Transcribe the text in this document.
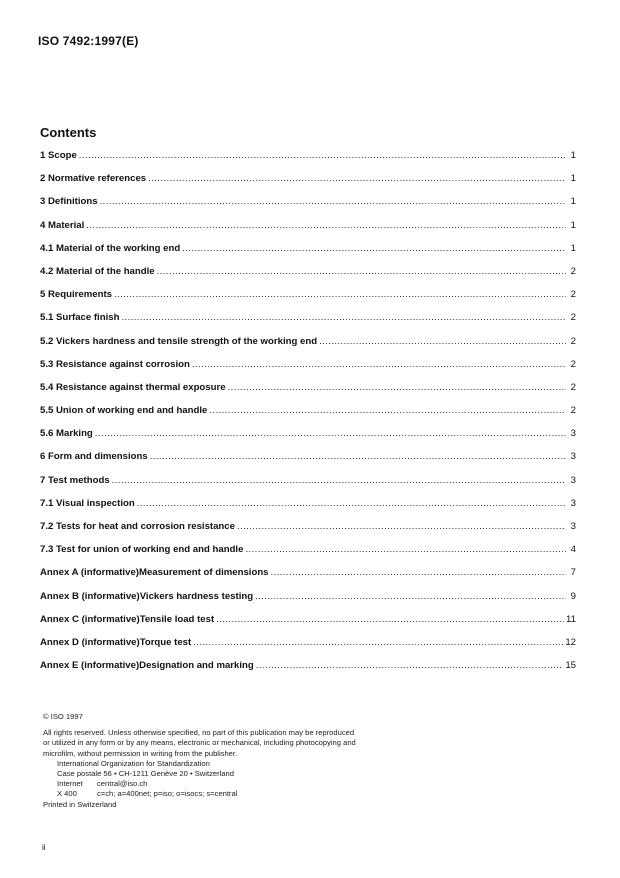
ISO 7492:1997(E)
Contents
1 Scope .....	1
2 Normative references .....	1
3 Definitions .....	1
4 Material .....	1
4.1 Material of the working end .....	1
4.2 Material of the handle .....	2
5 Requirements .....	2
5.1 Surface finish .....	2
5.2 Vickers hardness and tensile strength of the working end .....	2
5.3 Resistance against corrosion .....	2
5.4 Resistance against thermal exposure .....	2
5.5 Union of working end and handle .....	2
5.6 Marking .....	3
6 Form and dimensions .....	3
7 Test methods .....	3
7.1 Visual inspection .....	3
7.2 Tests for heat and corrosion resistance .....	3
7.3 Test for union of working end and handle .....	4
Annex A (informative) Measurement of dimensions .....	7
Annex B (informative) Vickers hardness testing .....	9
Annex C (informative) Tensile load test .....	11
Annex D (informative) Torque test .....	12
Annex E (informative) Designation and marking .....	15

© ISO 1997

All rights reserved. Unless otherwise specified, no part of this publication may be reproduced

or utilized in any form or by any means, electronic or mechanical, including photocopying and

microfilm, without permission in writing from the publisher.

International Organization for Standardization

Case postale 56 • CH-1211 Genève 20 • Switzerland

Internet	central@iso.ch
X 400	c=ch; a=400net; p=iso; o=isocs; s=central

Printed in Switzerland

ii
